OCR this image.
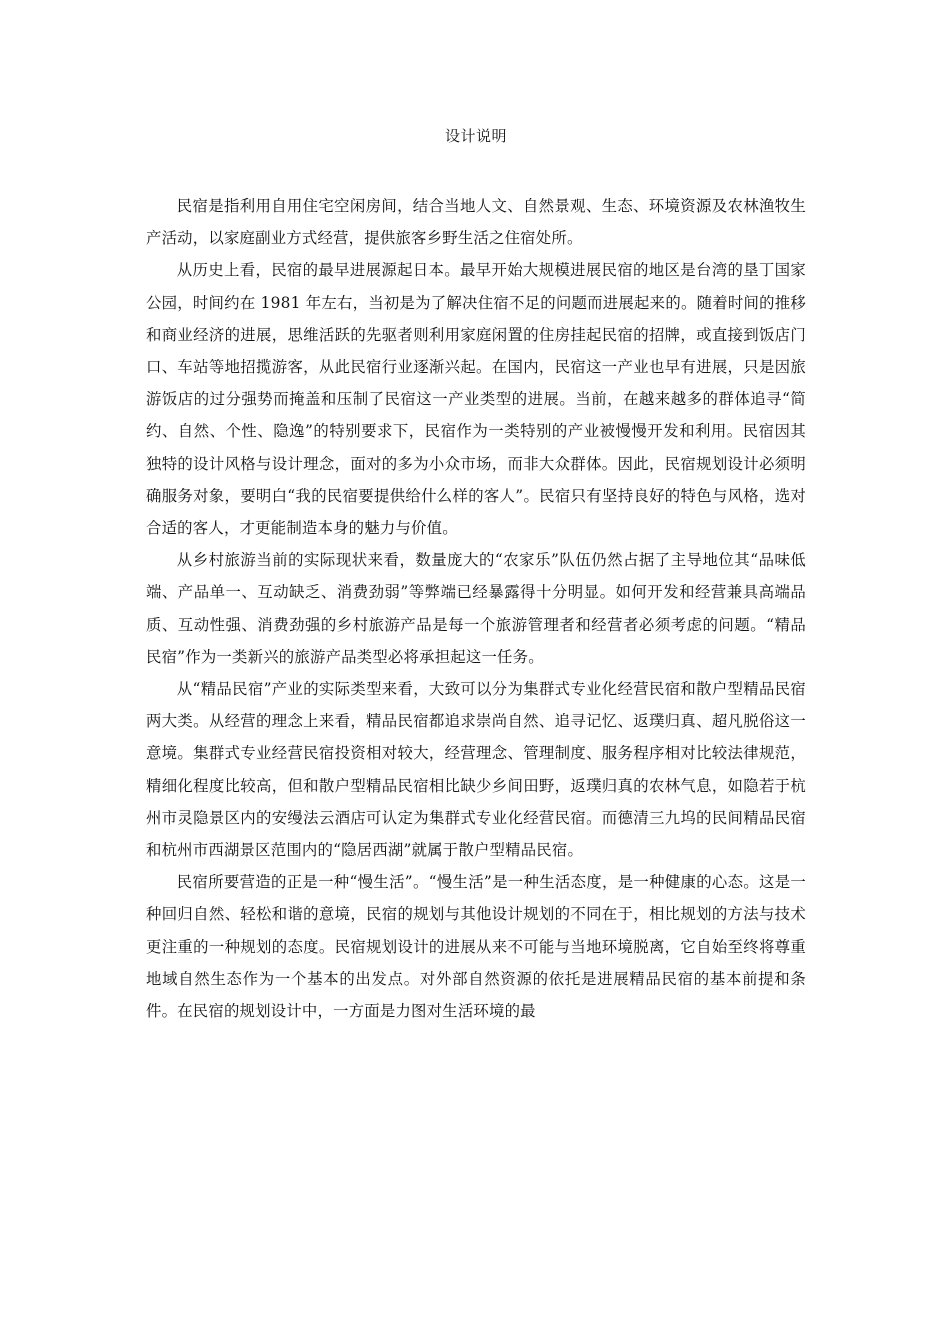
设计说明

民宿是指利用自用住宅空闲房间，结合当地人文、自然景观、生态、环境资源及农林渔牧生产活动，以家庭副业方式经营，提供旅客乡野生活之住宿处所。

从历史上看，民宿的最早进展源起日本。最早开始大规模进展民宿的地区是台湾的垦丁国家公园，时间约在 1981 年左右，当初是为了解决住宿不足的问题而进展起来的。随着时间的推移和商业经济的进展，思维活跃的先驱者则利用家庭闲置的住房挂起民宿的招牌，或直接到饭店门口、车站等地招揽游客，从此民宿行业逐渐兴起。在国内，民宿这一产业也早有进展，只是因旅游饭店的过分强势而掩盖和压制了民宿这一产业类型的进展。当前，在越来越多的群体追寻“简约、自然、个性、隐逸”的特别要求下，民宿作为一类特别的产业被慢慢开发和利用。民宿因其独特的设计风格与设计理念，面对的多为小众市场，而非大众群体。因此，民宿规划设计必须明确服务对象，要明白“我的民宿要提供给什么样的客人”。民宿只有坚持良好的特色与风格，选对合适的客人，才更能制造本身的魅力与价值。

从乡村旅游当前的实际现状来看，数量庞大的“农家乐”队伍仍然占据了主导地位其“品味低端、产品单一、互动缺乏、消费劲弱”等弊端已经暴露得十分明显。如何开发和经营兼具高端品质、互动性强、消费劲强的乡村旅游产品是每一个旅游管理者和经营者必须考虑的问题。“精品民宿”作为一类新兴的旅游产品类型必将承担起这一任务。

从“精品民宿”产业的实际类型来看，大致可以分为集群式专业化经营民宿和散户型精品民宿两大类。从经营的理念上来看，精品民宿都追求崇尚自然、追寻记忆、返璞归真、超凡脱俗这一意境。集群式专业经营民宿投资相对较大，经营理念、管理制度、服务程序相对比较法律规范，精细化程度比较高，但和散户型精品民宿相比缺少乡间田野，返璞归真的农林气息，如隐若于杭州市灵隐景区内的安缦法云酒店可认定为集群式专业化经营民宿。而德清三九坞的民间精品民宿和杭州市西湖景区范围内的“隐居西湖”就属于散户型精品民宿。

民宿所要营造的正是一种“慢生活”。“慢生活”是一种生活态度，是一种健康的心态。这是一种回归自然、轻松和谐的意境，民宿的规划与其他设计规划的不同在于，相比规划的方法与技术更注重的一种规划的态度。民宿规划设计的进展从来不可能与当地环境脱离，它自始至终将尊重地域自然生态作为一个基本的出发点。对外部自然资源的依托是进展精品民宿的基本前提和条件。在民宿的规划设计中，一方面是力图对生活环境的最
